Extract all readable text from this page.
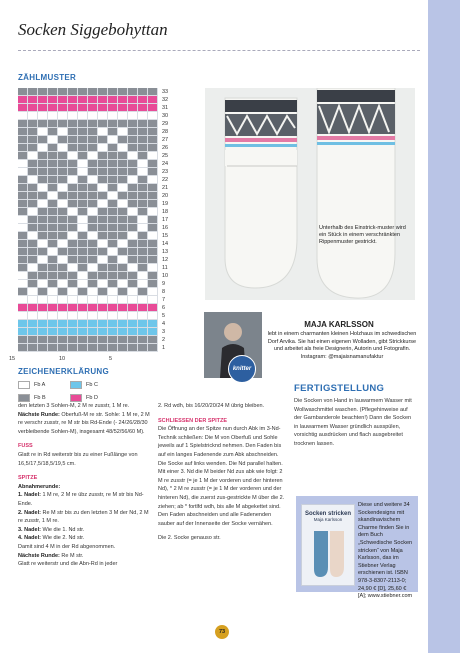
Socken Siggebohyttan
ZÄHLMUSTER
33
32
31
30
29
28
27
26
25
24
23
22
21
20
19
18
17
16
15
14
13
12
11
10
9
8
7
6
5
4
3
2
1
15	10	5
Unterhalb des Einstrick-muster wird ein Stück in einem verschränkten Rippenmuster gestrickt.
knitter
MAJA KARLSSON
lebt in einem charmanten kleinen Holzhaus im schwedischen Dorf Arvika. Sie hat einen eigenen Wolladen, gibt Strickkurse und arbeitet als freie Designerin, Autorin und Fotografin. Instagram: @majaisnamanufaktur
ZEICHENERKLÄRUNG
Fb A	Fb C
Fb B	Fb D
den letzten 3 Sohlen-M, 2 M re zusstr, 1 M re.
Nächste Runde: Oberfuß-M re str. Sohle: 1 M re, 2 M re verschr zusstr, re M str bis Rd-Ende (- 24/26/28/30 verbleibende Sohlen-M), insgesamt 48/52/56/60 M).
FUSS
Glatt re in Rd weiterstr bis zu einer Fußlänge von 16,5/17,5/18,5/19,5 cm.
SPITZE
Abnahmerunde:
1. Nadel: 1 M re, 2 M re übz zusstr, re M str bis Nd-Ende.
2. Nadel: Re M str bis zu den letzten 3 M der Nd, 2 M re zusstr, 1 M re.
3. Nadel: Wie die 1. Nd str.
4. Nadel: Wie die 2. Nd str.
Damit sind 4 M in der Rd abgenommen.
Nächste Runde: Re M str.
Glatt re weiterstr und die Abn-Rd in jeder
2. Rd wdh, bis 16/20/20/24 M übrig bleiben.
SCHLIESSEN DER SPITZE
Die Öffnung an der Spitze nun durch Abk im 3-Nd-Technik schließen: Die M von Oberfuß und Sohle jeweils auf 1 Spielstricknd nehmen. Den Faden bis auf ein langes Fadenende zum Abk abschneiden. Die Socke auf links wenden. Die Nd parallel halten. Mit einer 3. Nd die M beider Nd zus abk wie folgt: 2 M re zusstr (= je 1 M der vorderen und der hinteren Nd), * 2 M re zusstr (= je 1 M der vorderen und der hinteren Nd), die zuerst zus-gestrickte M über die 2. ziehen; ab * fortlfd wdh, bis alle M abgekettet sind. Den Faden abschneiden und alle Fadenenden sauber auf der Innenseite der Socke vernähen.
Die 2. Socke genauso str.
FERTIGSTELLUNG
Die Socken von Hand in lauwarmem Wasser mit Wollwaschmittel waschen. (Pflegehinweise auf der Garnbanderole beachten!) Dann die Socken in lauwarmem Wasser gründlich ausspülen, vorsichtig ausdrücken und flach ausgebreitet trocknen lassen.
Socken stricken
Maja Karlsson
Diese und weitere 34 Sockendesigns mit skandinavischem Charme finden Sie in dem Buch „Schwedische Socken stricken“ von Maja Karlsson, das im Stiebner Verlag erschienen ist. ISBN 978-3-8307-2113-0; 24,90 € [D], 25,60 € [A]; www.stiebner.com
73
